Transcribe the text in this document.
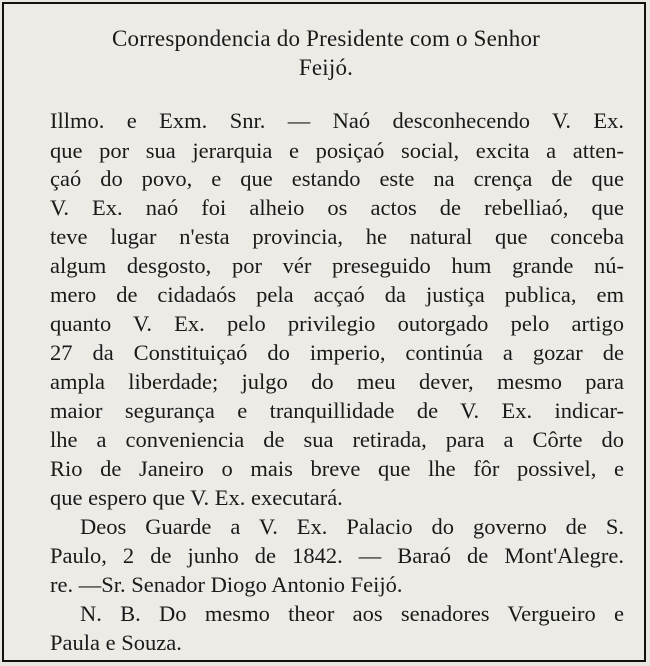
Correspondencia do Presidente com o Senhor
Feijó.
Illmo. e Exm. Snr. — Naó desconhecendo V. Ex.
que por sua jerarquia e posiçaó social, excita a atten-
çaó do povo, e que estando este na crença de que
V. Ex. naó foi alheio os actos de rebelliaó, que
teve lugar n'esta provincia, he natural que conceba
algum desgosto, por vér preseguido hum grande nú-
mero de cidadaós pela acçaó da justiça publica, em
quanto V. Ex. pelo privilegio outorgado pelo artigo
27 da Constituiçaó do imperio, continúa a gozar de
ampla liberdade; julgo do meu dever, mesmo para
maior segurança e tranquillidade de V. Ex. indicar-
lhe a conveniencia de sua retirada, para a Côrte do
Rio de Janeiro o mais breve que lhe fôr possivel, e
que espero que V. Ex. executará.
Deos Guarde a V. Ex. Palacio do governo de S.
Paulo, 2 de junho de 1842. — Baraó de Mont'Alegre.
re. —Sr. Senador Diogo Antonio Feijó.
N. B. Do mesmo theor aos senadores Vergueiro e
Paula e Souza.
